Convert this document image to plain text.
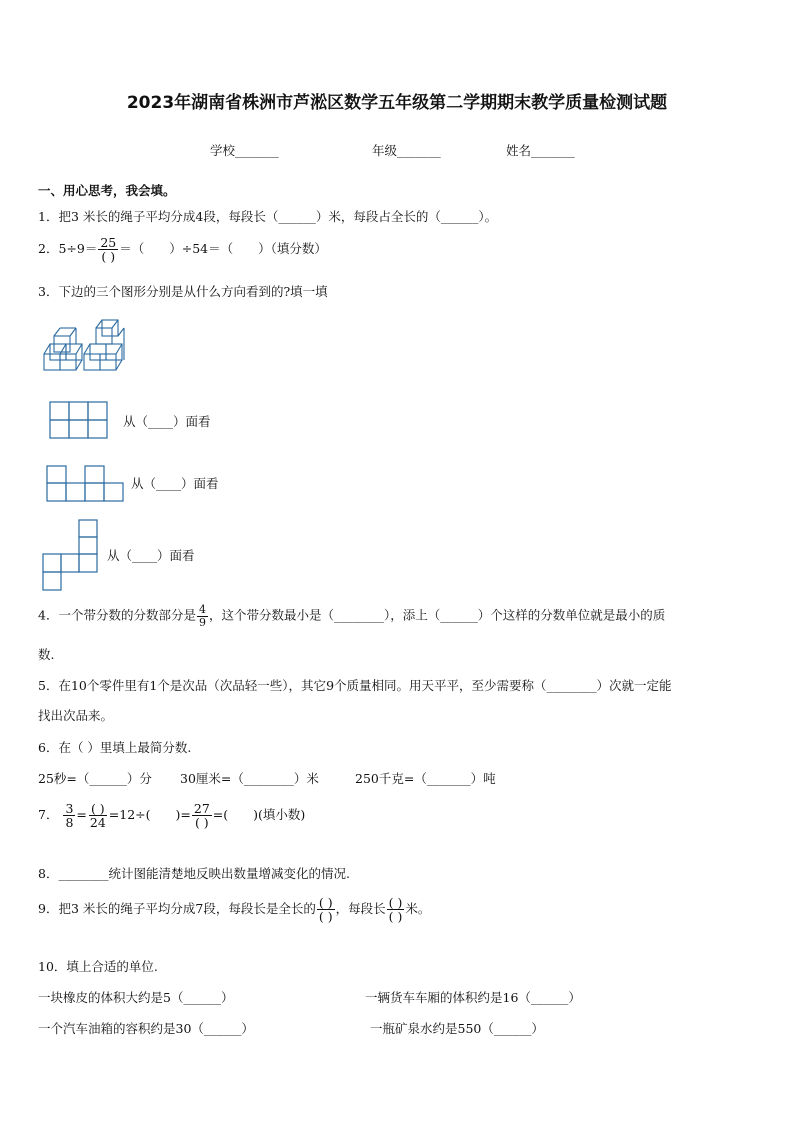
2023年湖南省株洲市芦淞区数学五年级第二学期期末教学质量检测试题
学校_______	年级_______	姓名_______
一、用心思考，我会填。
1．把3 米长的绳子平均分成4段，每段长（______）米，每段占全长的（______）。
2．$5\div 9= \frac{25}{( )}$ ＝（　　）÷54＝（　　）（填分数）
3．下边的三个图形分别是从什么方向看到的?填一填
从（____）面看
从（____）面看
从（____）面看
4．一个带分数的分数部分是 $\frac{4}{9}$ ，这个带分数最小是（________），添上（______）个这样的分数单位就是最小的质
数.
5．在10个零件里有1个是次品（次品轻一些），其它9个质量相同。用天平平，至少需要称（________）次就一定能
找出次品来。
6．在（ ）里填上最简分数.
25秒=（______）分 30厘米=（________）米	250千克=（_______）吨
7． $\frac{3}{8} = \frac{( )}{24} =12\div$(　　)= $\frac{27}{( )}$ =(　　)(填小数)
8．________统计图能清楚地反映出数量增减变化的情况.
9．把3 米长的绳子平均分成7段，每段长是全长的 $\frac{( )}{( )}$ ，每段长 $\frac{( )}{( )}$ 米。
10．填上合适的单位.
一块橡皮的体积大约是5（______）	一辆货车车厢的体积约是16（______）
一个汽车油箱的容积约是30（______）	一瓶矿泉水约是550（______）
